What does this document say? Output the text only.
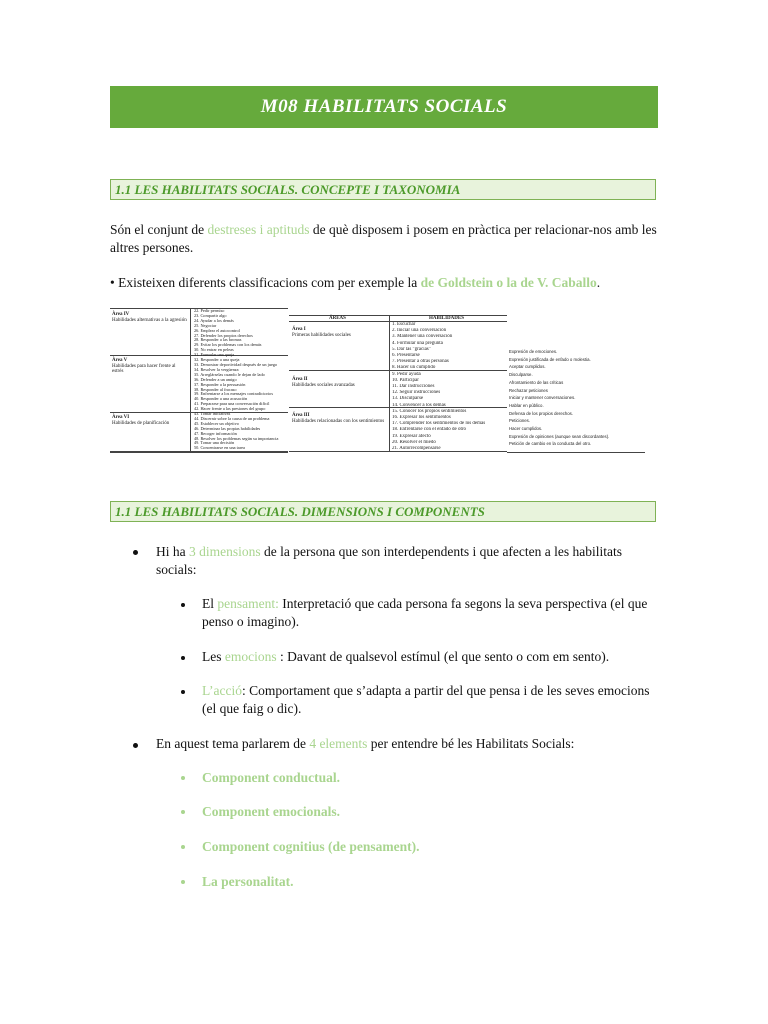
M08 HABILITATS SOCIALS
1.1 LES HABILITATS SOCIALS. CONCEPTE I TAXONOMIA
Són el conjunt de destreses i aptituds de què disposem i posem en pràctica per relacionar-nos amb les altres persones.
• Existeixen diferents classificacions com per exemple la de Goldstein o la de V. Caballo.
Àrea IV
Habilidades alternativas a la agresión
Àrea V
Habilidades para hacer frente al estrés
Àrea VI
Habilidades de planificación
22. Pedir permiso
23. Compartir algo
24. Ayudar a los demás
25. Negociar
26. Emplear el autocontrol
27. Defender los propios derechos
28. Responder a las bromas
29. Evitar los problemas con los demás
30. No entrar en peleas
31. Formular una queja
32. Responder a una queja
33. Demostrar deportividad después de un juego
34. Resolver la vergüenza
35. Arreglárselas cuando le dejan de lado
36. Defender a un amigo
37. Responder a la persuasión
38. Responder al fracaso
39. Enfrentarse a los mensajes contradictorios
40. Responder a una acusación
41. Prepararse para una conversación difícil
42. Hacer frente a las presiones del grupo
43. Tomar iniciativas
44. Discernir sobre la causa de un problema
45. Establecer un objetivo
46. Determinar las propias habilidades
47. Recoger información
48. Resolver los problemas según su importancia
49. Tomar una decisión
50. Concentrarse en una tarea
ÁREAS	HABILIDADES
Área I
Primeras habilidades sociales
Área II
Habilidades sociales avanzadas
Área III
Habilidades relacionadas con los sentimientos
1. Escuchar
2. Iniciar una conversación
3. Mantener una conversación
4. Formular una pregunta
5. Dar las "gracias"
6. Presentarse
7. Presentar a otras personas
8. Hacer un cumplido
9. Pedir ayuda
10. Participar
11. Dar instrucciones
12. Seguir instrucciones
13. Disculparse
14. Convencer a los demás
15. Conocer los propios sentimientos
16. Expresar los sentimientos
17. Comprender los sentimientos de los demás
18. Enfrentarse con el enfado de otro
19. Expresar afecto
20. Resolver el miedo
21. Autorrecompensarse
Expresión de emociones.
Expresión justificada de enfado o molestia.
Aceptar cumplidos.
Disculparse.
Afrontamiento de las críticas
Rechazar peticiones
Iniciar y mantener conversaciones.
Hablar en público.
Defensa de los propios derechos.
Peticiones.
Hacer cumplidos.
Expresión de opiniones (aunque sean discordantes).
Petición de cambio en la conducta del otro.
1.1 LES HABILITATS SOCIALS. DIMENSIONS I COMPONENTS
Hi ha 3 dimensions de la persona que son interdependents i que afecten a les habilitats socials:
El pensament: Interpretació que cada persona fa segons la seva perspectiva (el que penso o imagino).
Les emocions : Davant de qualsevol estímul (el que sento o com em sento).
L’acció: Comportament que s’adapta a partir del que pensa i de les seves emocions (el que faig o dic).
En aquest tema parlarem de 4 elements per entendre bé les Habilitats Socials:
Component conductual.
Component emocionals.
Component cognitius (de pensament).
La personalitat.
